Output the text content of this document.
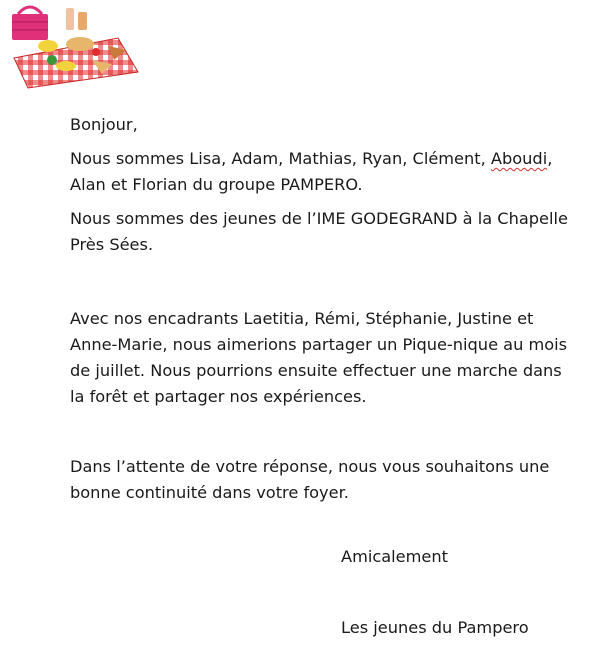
Bonjour,

Nous sommes Lisa, Adam, Mathias, Ryan, Clément, Aboudi,
Alan et Florian du groupe PAMPERO.

Nous sommes des jeunes de l’IME GODEGRAND à la Chapelle Près Sées.

Avec nos encadrants Laetitia, Rémi, Stéphanie, Justine et Anne-Marie, nous aimerions partager un Pique-nique au mois de juillet. Nous pourrions ensuite effectuer une marche dans la forêt et partager nos expériences.

Dans l’attente de votre réponse, nous vous souhaitons une bonne continuité dans votre foyer.

Amicalement
Les jeunes du Pampero
